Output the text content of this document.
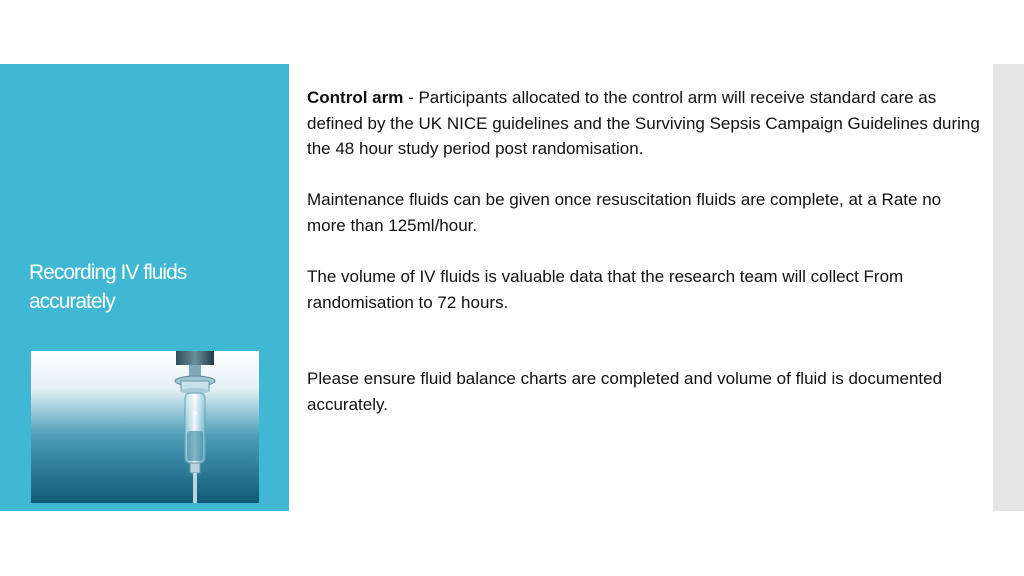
Recording IV fluids accurately

Control arm - Participants allocated to the control arm will receive standard care as defined by the UK NICE guidelines and the Surviving Sepsis Campaign Guidelines during the 48 hour study period post randomisation.

Maintenance fluids can be given once resuscitation fluids are complete, at a Rate no more than 125ml/hour.

The volume of IV fluids is valuable data that the research team will collect From randomisation to 72 hours.

Please ensure fluid balance charts are completed and volume of fluid is documented accurately.
